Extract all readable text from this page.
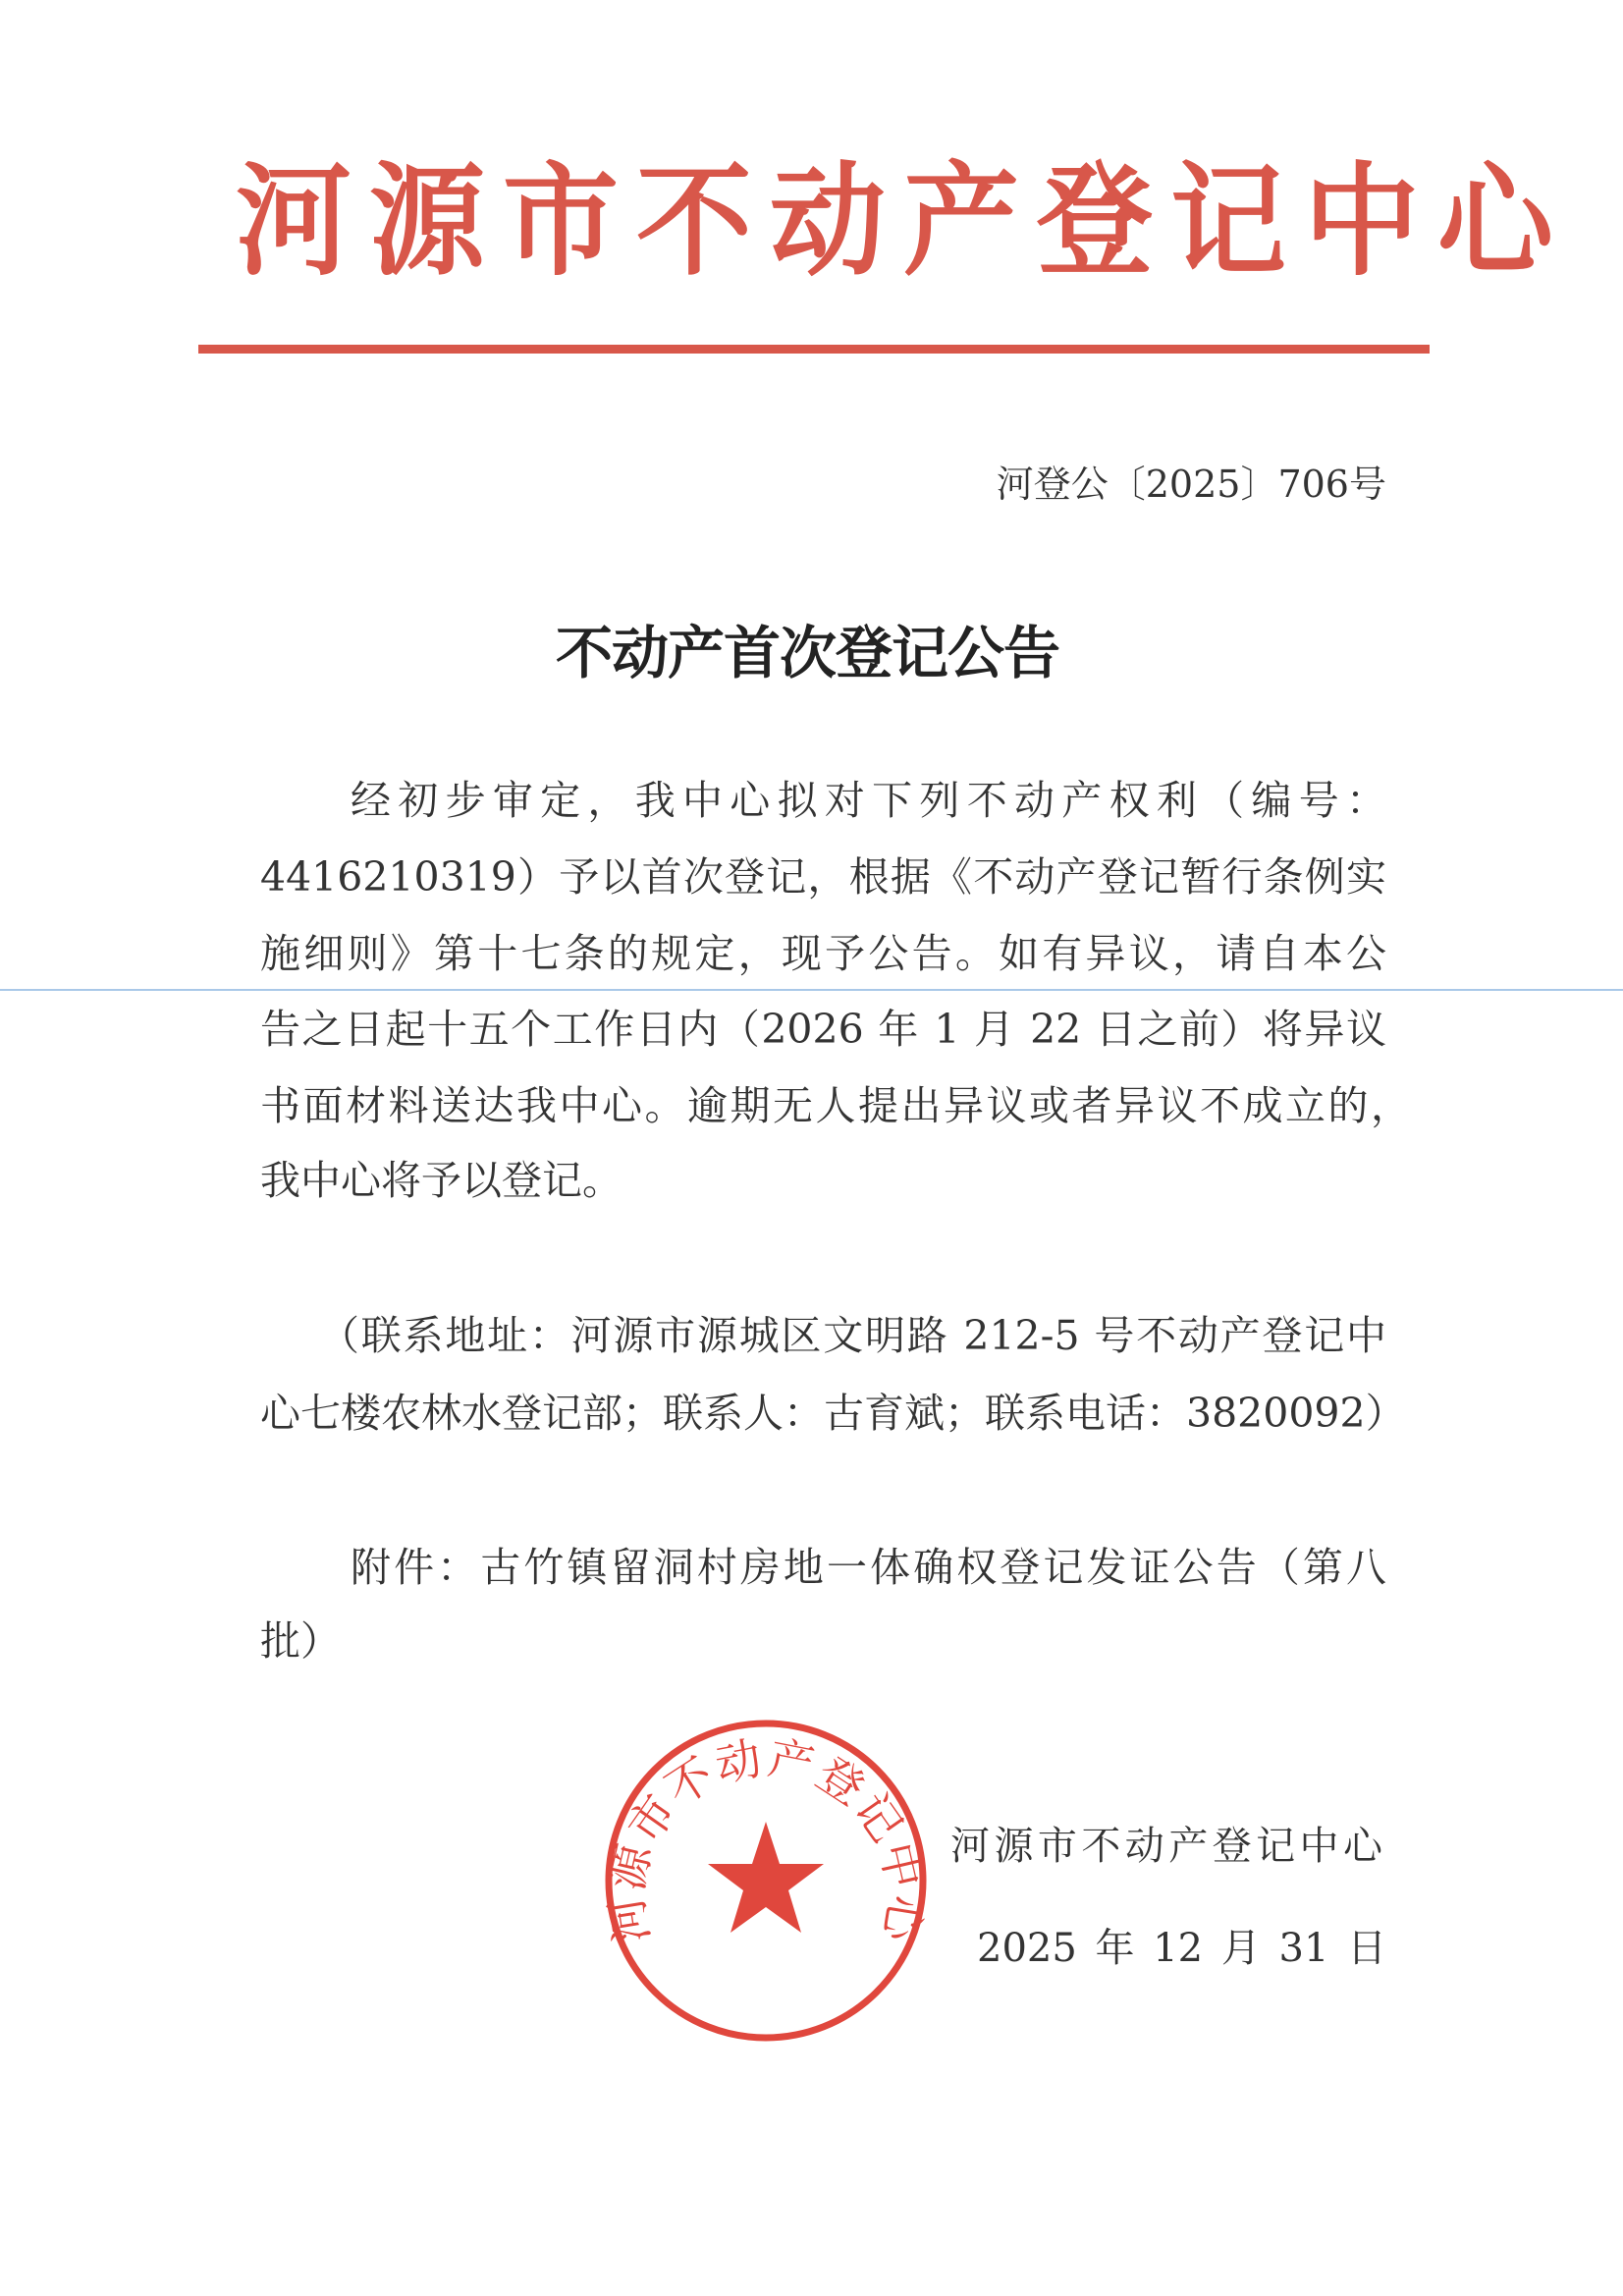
河源市不动产登记中心
河登公〔2025〕706号
不动产首次登记公告
经初步审定，我中心拟对下列不动产权利（编号：
4416210319）予以首次登记，根据《不动产登记暂行条例实
施细则》第十七条的规定，现予公告。如有异议，请自本公
告之日起十五个工作日内（2026 年 1 月 22 日之前）将异议
书面材料送达我中心。逾期无人提出异议或者异议不成立的，
我中心将予以登记。
（联系地址：河源市源城区文明路 212-5 号不动产登记中
心七楼农林水登记部；联系人：古育斌；联系电话：3820092）
附件：古竹镇留洞村房地一体确权登记发证公告（第八
批）
河源市不动产登记中心
2025 年 12 月 31 日
河源市不动产登记中心
